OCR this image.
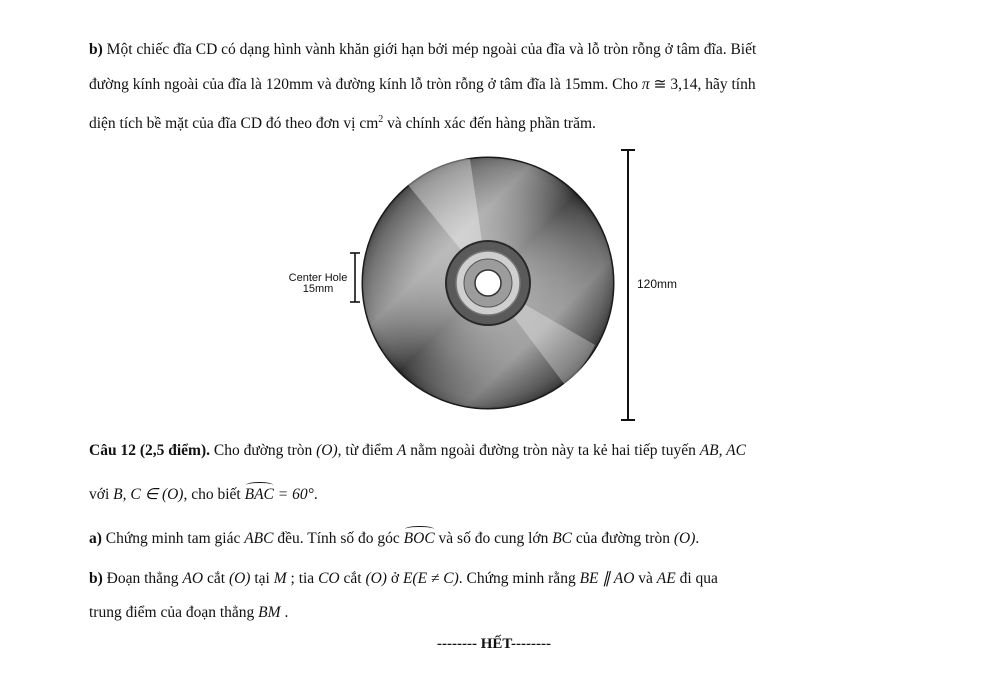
b) Một chiếc đĩa CD có dạng hình vành khăn giới hạn bởi mép ngoài của đĩa và lỗ tròn rỗng ở tâm đĩa. Biết
đường kính ngoài của đĩa là 120mm và đường kính lỗ tròn rỗng ở tâm đĩa là 15mm. Cho π ≅ 3,14, hãy tính
diện tích bề mặt của đĩa CD đó theo đơn vị $cm^2$ và chính xác đến hàng phần trăm.
Center Hole
15mm	120mm
Câu 12 (2,5 điểm). Cho đường tròn (O), từ điểm A nằm ngoài đường tròn này ta kẻ hai tiếp tuyến AB, AC
với B, C ∈ (O), cho biết BAC = 60°.
a) Chứng minh tam giác ABC đều. Tính số đo góc BOC và số đo cung lớn BC của đường tròn (O).
b) Đoạn thẳng AO cắt (O) tại M ; tia CO cắt (O) ở E(E ≠ C). Chứng minh rằng BE ∥ AO và AE đi qua
trung điểm của đoạn thẳng BM .
-------- HẾT--------
